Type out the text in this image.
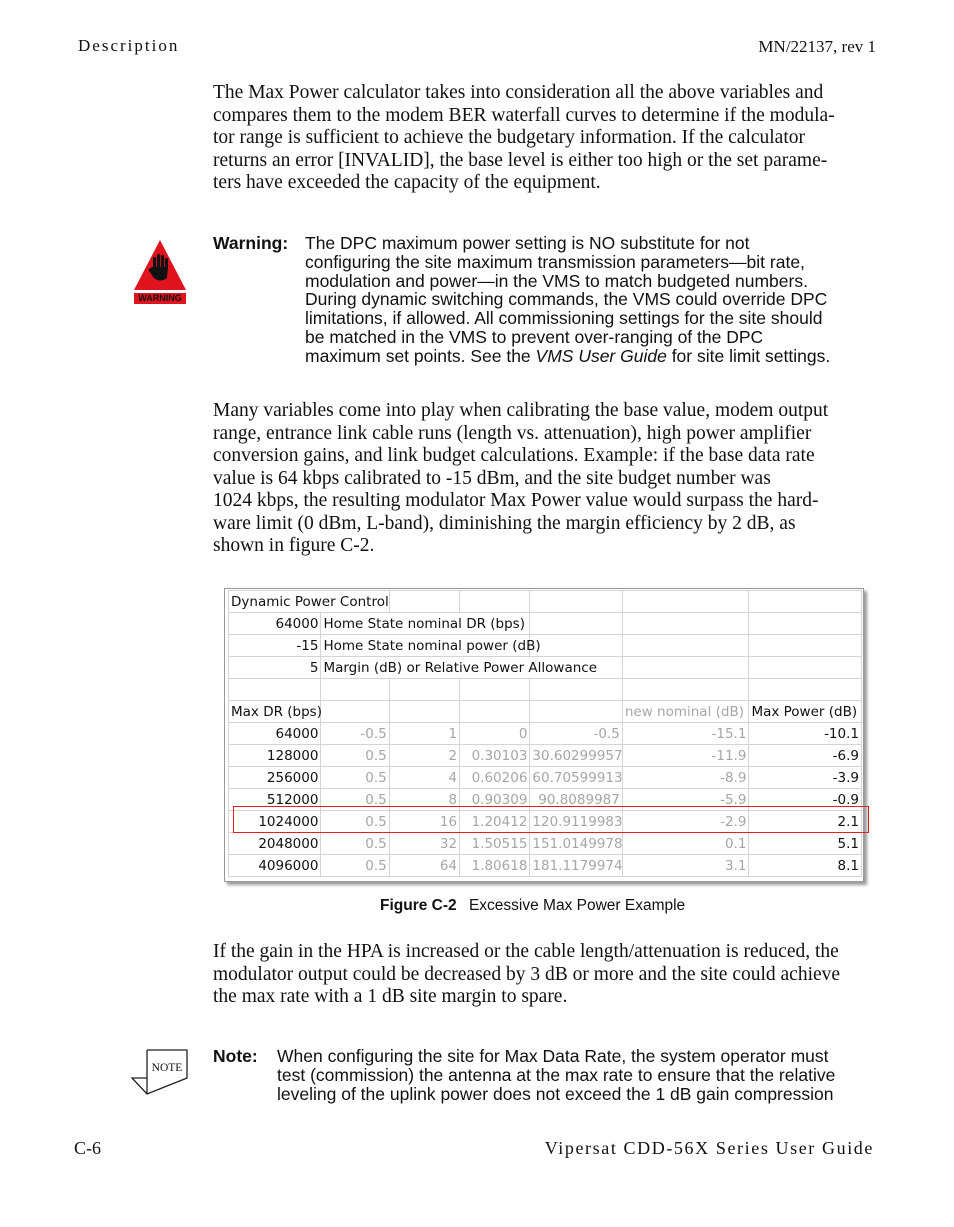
Description	MN/22137, rev 1
The Max Power calculator takes into consideration all the above variables and
compares them to the modem BER waterfall curves to determine if the modula-
tor range is sufficient to achieve the budgetary information. If the calculator
returns an error [INVALID], the base level is either too high or the set parame-
ters have exceeded the capacity of the equipment.
WARNING
Warning: The DPC maximum power setting is NO substitute for not
configuring the site maximum transmission parameters—bit rate,
modulation and power—in the VMS to match budgeted numbers.
During dynamic switching commands, the VMS could override DPC
limitations, if allowed. All commissioning settings for the site should
be matched in the VMS to prevent over-ranging of the DPC
maximum set points. See the VMS User Guide for site limit settings.
Many variables come into play when calibrating the base value, modem output
range, entrance link cable runs (length vs. attenuation), high power amplifier
conversion gains, and link budget calculations. Example: if the base data rate
value is 64 kbps calibrated to -15 dBm, and the site budget number was
1024 kbps, the resulting modulator Max Power value would surpass the hard-
ware limit (0 dBm, L-band), diminishing the margin efficiency by 2 dB, as
shown in figure C-2.
Dynamic Power Control						
64000	Home State nominal DR (bps)					
-15	Home State nominal power (dB)					
5	Margin (dB) or Relative Power Allowance					

Max DR (bps)					new nominal (dB)	Max Power (dB)
64000	-0.5	1	0	-0.5	-15.1	-10.1
128000	0.5	2	0.30103	30.60299957	-11.9	-6.9
256000	0.5	4	0.60206	60.70599913	-8.9	-3.9
512000	0.5	8	0.90309	90.8089987	-5.9	-0.9
1024000	0.5	16	1.20412	120.9119983	-2.9	2.1
2048000	0.5	32	1.50515	151.0149978	0.1	5.1
4096000	0.5	64	1.80618	181.1179974	3.1	8.1
Figure C-2 Excessive Max Power Example
If the gain in the HPA is increased or the cable length/attenuation is reduced, the
modulator output could be decreased by 3 dB or more and the site could achieve
the max rate with a 1 dB site margin to spare.
NOTE
Note: When configuring the site for Max Data Rate, the system operator must
test (commission) the antenna at the max rate to ensure that the relative
leveling of the uplink power does not exceed the 1 dB gain compression
C-6	Vipersat CDD-56X Series User Guide
